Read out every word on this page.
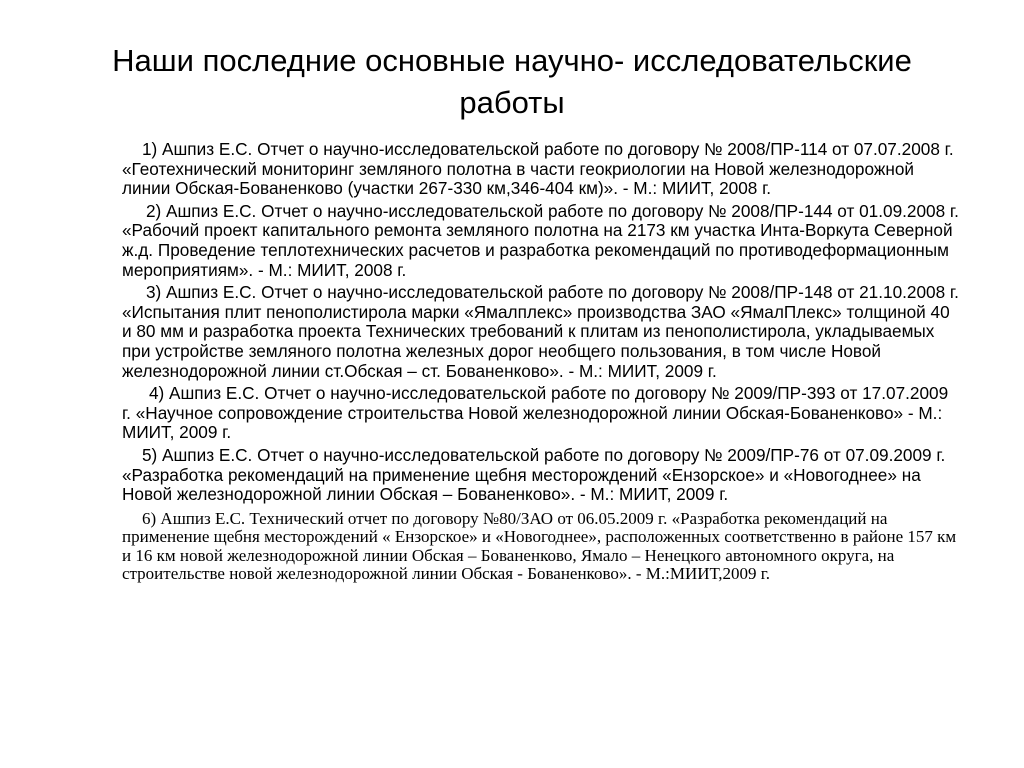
Наши последние основные научно- исследовательские работы

1) Ашпиз Е.С. Отчет о научно-исследовательской работе по договору № 2008/ПР-114 от 07.07.2008 г. «Геотехнический мониторинг земляного полотна в части геокриологии на Новой железнодорожной линии Обская-Бованенково (участки 267-330 км,346-404 км)». - М.: МИИТ, 2008 г.

2) Ашпиз Е.С. Отчет о научно-исследовательской работе по договору № 2008/ПР-144 от 01.09.2008 г. «Рабочий проект капитального ремонта земляного полотна на 2173 км участка Инта-Воркута Северной ж.д. Проведение теплотехнических расчетов и разработка рекомендаций по противодеформационным мероприятиям». - М.: МИИТ, 2008 г.

3) Ашпиз Е.С. Отчет о научно-исследовательской работе по договору № 2008/ПР-148 от 21.10.2008 г. «Испытания плит пенополистирола марки «Ямалплекс» производства ЗАО «ЯмалПлекс» толщиной 40 и 80 мм и разработка проекта Технических требований к плитам из пенополистирола, укладываемых при устройстве земляного полотна железных дорог необщего пользования, в том числе Новой железнодорожной линии ст.Обская – ст. Бованенково». - М.: МИИТ, 2009 г.

4) Ашпиз Е.С. Отчет о научно-исследовательской работе по договору № 2009/ПР-393 от 17.07.2009 г. «Научное сопровождение строительства Новой железнодорожной линии Обская-Бованенково» - М.: МИИТ, 2009 г.

5) Ашпиз Е.С. Отчет о научно-исследовательской работе по договору № 2009/ПР-76 от 07.09.2009 г. «Разработка рекомендаций на применение щебня месторождений «Ензорское» и «Новогоднее» на Новой железнодорожной линии Обская – Бованенково». - М.: МИИТ, 2009 г.

6) Ашпиз Е.С. Технический отчет по договору №80/ЗАО от 06.05.2009 г. «Разработка рекомендаций на применение щебня месторождений « Ензорское» и «Новогоднее», расположенных соответственно в районе 157 км и 16 км новой железнодорожной линии Обская – Бованенково, Ямало – Ненецкого автономного округа, на строительстве новой железнодорожной линии Обская - Бованенково». - М.:МИИТ,2009 г.
